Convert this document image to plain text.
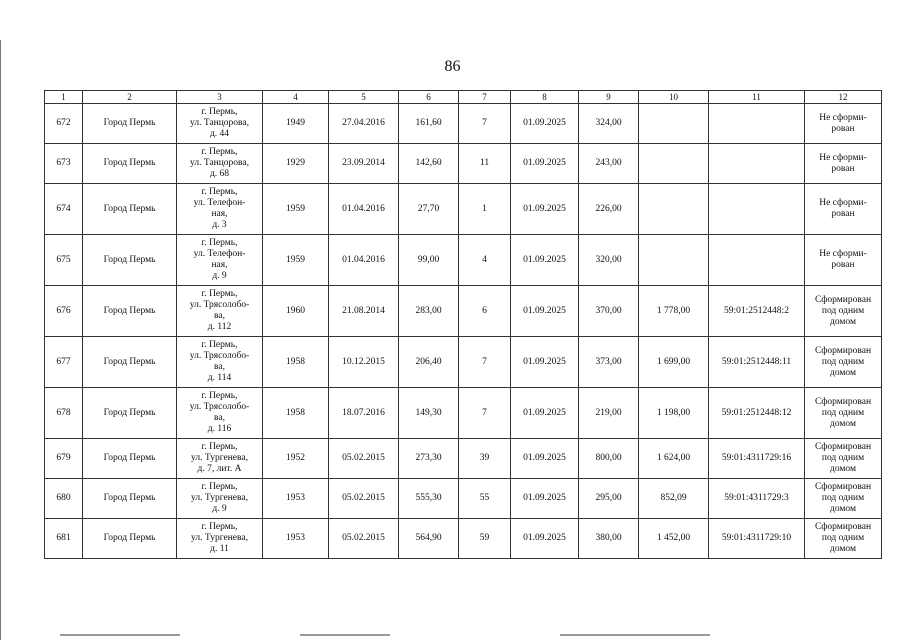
86
1	2	3	4	5	6	7	8	9	10	11	12
672	Город Пермь	г. Пермь,
ул. Танцорова,
д. 44	1949	27.04.2016	161,60	7	01.09.2025	324,00			Не сформи-
рован

673	Город Пермь	г. Пермь,
ул. Танцорова,
д. 68	1929	23.09.2014	142,60	11	01.09.2025	243,00			Не сформи-
рован

674	Город Пермь	г. Пермь,
ул. Телефон-
ная,
д. 3	1959	01.04.2016	27,70	1	01.09.2025	226,00			Не сформи-
рован

675	Город Пермь	г. Пермь,
ул. Телефон-
ная,
д. 9	1959	01.04.2016	99,00	4	01.09.2025	320,00			Не сформи-
рован

676	Город Пермь	г. Пермь,
ул. Трясолобо-
ва,
д. 112	1960	21.08.2014	283,00	6	01.09.2025	370,00	1 778,00	59:01:2512448:2	Сформирован
под одним
домом

677	Город Пермь	г. Пермь,
ул. Трясолобо-
ва,
д. 114	1958	10.12.2015	206,40	7	01.09.2025	373,00	1 699,00	59:01:2512448:11	Сформирован
под одним
домом

678	Город Пермь	г. Пермь,
ул. Трясолобо-
ва,
д. 116	1958	18.07.2016	149,30	7	01.09.2025	219,00	1 198,00	59:01:2512448:12	Сформирован
под одним
домом

679	Город Пермь	г. Пермь,
ул. Тургенева,
д. 7, лит. А	1952	05.02.2015	273,30	39	01.09.2025	800,00	1 624,00	59:01:4311729:16	Сформирован
под одним
домом

680	Город Пермь	г. Пермь,
ул. Тургенева,
д. 9	1953	05.02.2015	555,30	55	01.09.2025	295,00	852,09	59:01:4311729:3	Сформирован
под одним
домом

681	Город Пермь	г. Пермь,
ул. Тургенева,
д. 11	1953	05.02.2015	564,90	59	01.09.2025	380,00	1 452,00	59:01:4311729:10	Сформирован
под одним
домом
